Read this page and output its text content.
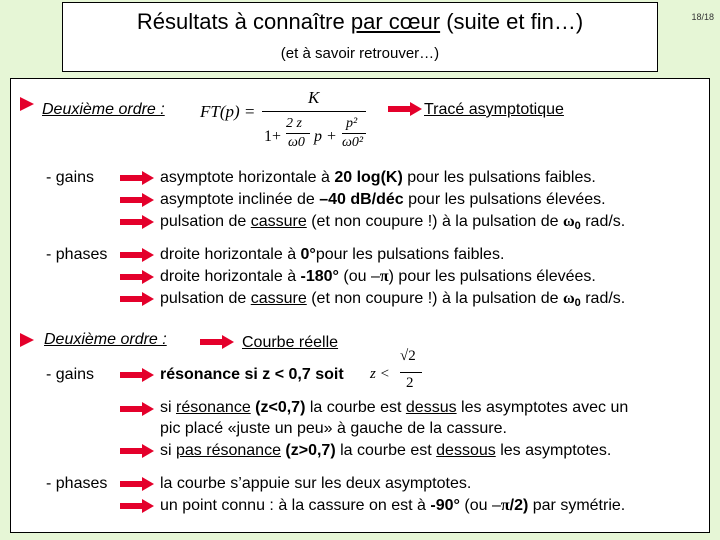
Résultats à connaître par cœur (suite et fin…)
(et à savoir retrouver…)
18/18
Deuxième ordre : FT(p) =
K
1+
2 z
ω0 p +
p²
ω0²
Tracé asymptotique
- gains	asymptote horizontale à 20 log(K) pour les pulsations faibles.
asymptote inclinée de –40 dB/déc pour les pulsations élevées.
pulsation de cassure (et non coupure !) à la pulsation de $\omega_0$ rad/s.
- phases	droite horizontale à 0°pour les pulsations faibles.
droite horizontale à -180° (ou –π) pour les pulsations élevées.
pulsation de cassure (et non coupure !) à la pulsation de $\omega_0$ rad/s.
Deuxième ordre :	Courbe réelle
- gains	résonance si z < 0,7 soit z <
√2
2
si résonance (z<0,7) la courbe est dessus les asymptotes avec un
pic placé «juste un peu» à gauche de la cassure.
si pas résonance (z>0,7) la courbe est dessous les asymptotes.
- phases	la courbe s’appuie sur les deux asymptotes.
un point connu : à la cassure on est à -90° (ou –π/2) par symétrie.
